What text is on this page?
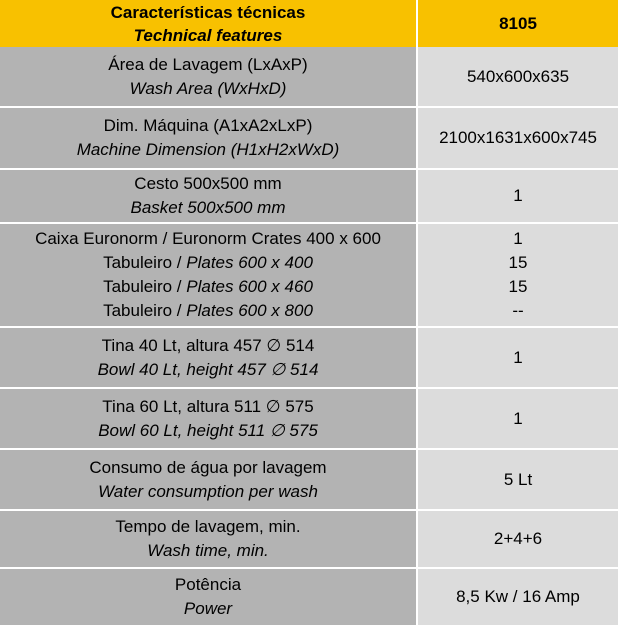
Características técnicas
Technical features
8105
Área de Lavagem (LxAxP)
Wash Area (WxHxD)
540x600x635
Dim. Máquina (A1xA2xLxP)
Machine Dimension (H1xH2xWxD)
2100x1631x600x745
Cesto 500x500 mm
Basket 500x500 mm
1
Caixa Euronorm / Euronorm Crates 400 x 600
Tabuleiro / Plates 600 x 400
Tabuleiro / Plates 600 x 460
Tabuleiro / Plates 600 x 800
1
15
15
--
Tina 40 Lt, altura 457 ∅ 514
Bowl 40 Lt, height 457 ∅ 514
1
Tina 60 Lt, altura 511 ∅ 575
Bowl 60 Lt, height 511 ∅ 575
1
Consumo de água por lavagem
Water consumption per wash
5 Lt
Tempo de lavagem, min.
Wash time, min.
2+4+6
Potência
Power
8,5 Kw / 16 Amp
